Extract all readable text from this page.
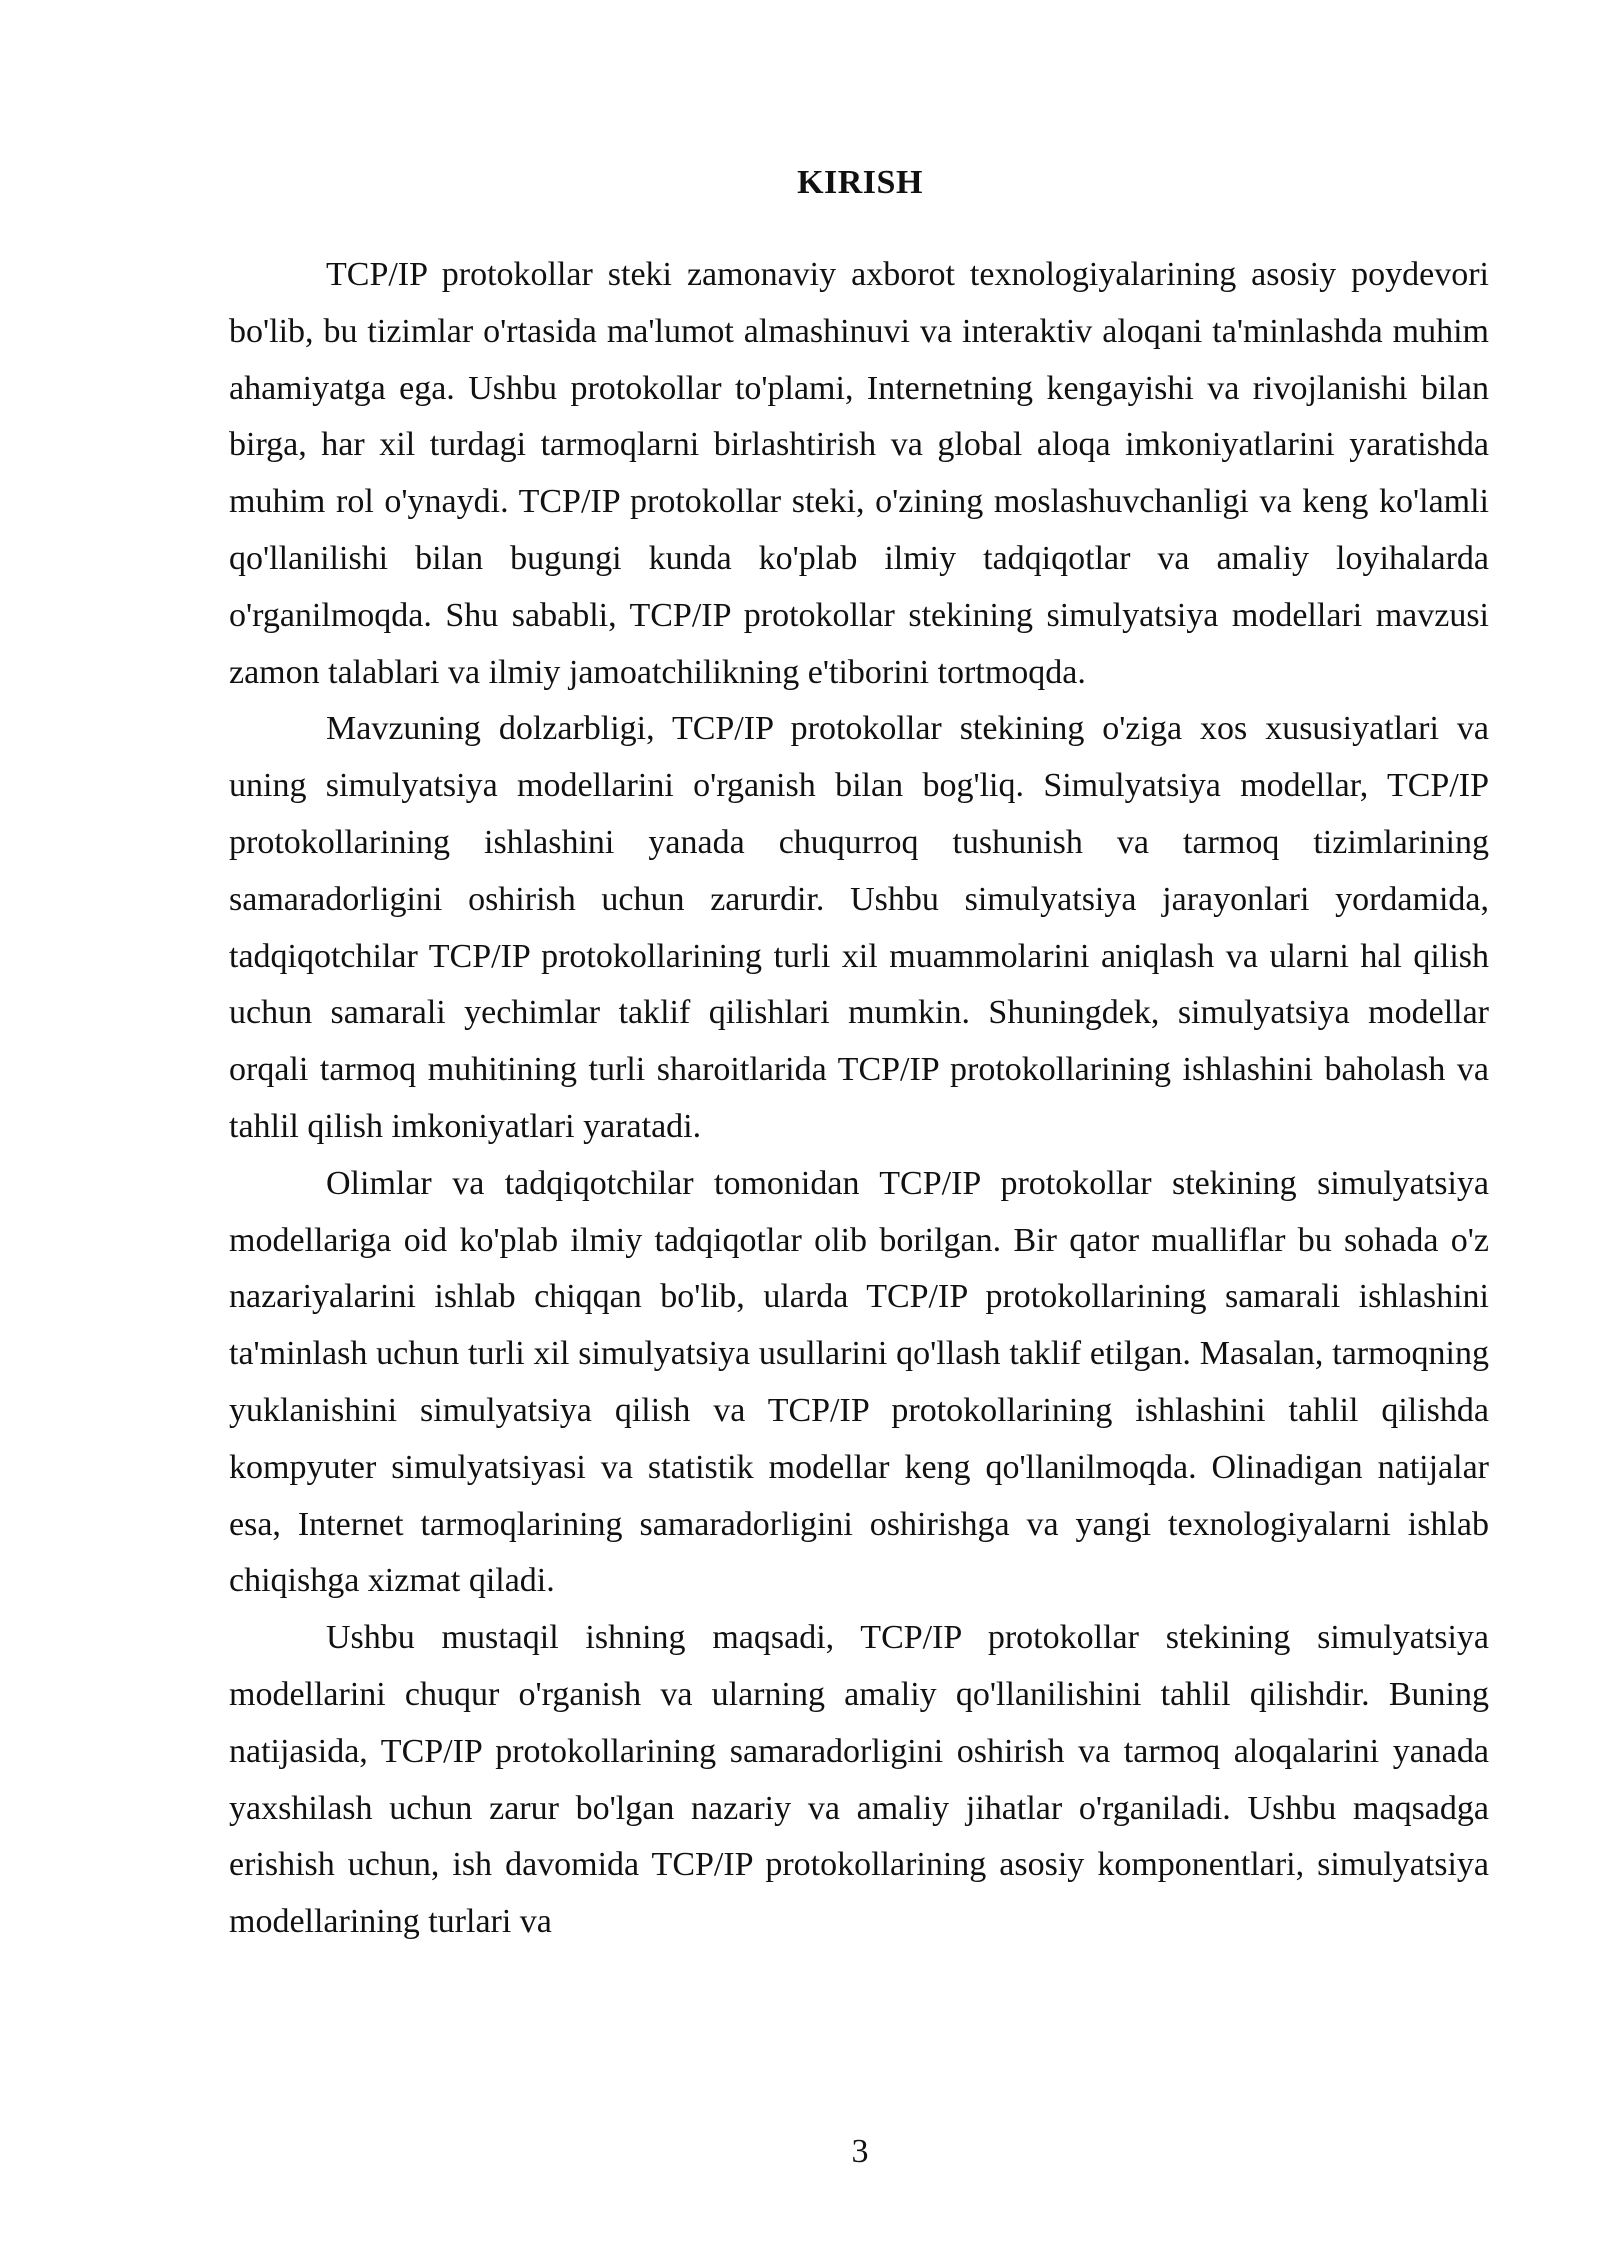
KIRISH

TCP/IP protokollar steki zamonaviy axborot texnologiyalarining asosiy poydevori bo'lib, bu tizimlar o'rtasida ma'lumot almashinuvi va interaktiv aloqani ta'minlashda muhim ahamiyatga ega. Ushbu protokollar to'plami, Internetning kengayishi va rivojlanishi bilan birga, har xil turdagi tarmoqlarni birlashtirish va global aloqa imkoniyatlarini yaratishda muhim rol o'ynaydi. TCP/IP protokollar steki, o'zining moslashuvchanligi va keng ko'lamli qo'llanilishi bilan bugungi kunda ko'plab ilmiy tadqiqotlar va amaliy loyihalarda o'rganilmoqda. Shu sababli, TCP/IP protokollar stekining simulyatsiya modellari mavzusi zamon talablari va ilmiy jamoatchilikning e'tiborini tortmoqda.

Mavzuning dolzarbligi, TCP/IP protokollar stekining o'ziga xos xususiyatlari va uning simulyatsiya modellarini o'rganish bilan bog'liq. Simulyatsiya modellar, TCP/IP protokollarining ishlashini yanada chuqurroq tushunish va tarmoq tizimlarining samaradorligini oshirish uchun zarurdir. Ushbu simulyatsiya jarayonlari yordamida, tadqiqotchilar TCP/IP protokollarining turli xil muammolarini aniqlash va ularni hal qilish uchun samarali yechimlar taklif qilishlari mumkin. Shuningdek, simulyatsiya modellar orqali tarmoq muhitining turli sharoitlarida TCP/IP protokollarining ishlashini baholash va tahlil qilish imkoniyatlari yaratadi.

Olimlar va tadqiqotchilar tomonidan TCP/IP protokollar stekining simulyatsiya modellariga oid ko'plab ilmiy tadqiqotlar olib borilgan. Bir qator mualliflar bu sohada o'z nazariyalarini ishlab chiqqan bo'lib, ularda TCP/IP protokollarining samarali ishlashini ta'minlash uchun turli xil simulyatsiya usullarini qo'llash taklif etilgan. Masalan, tarmoqning yuklanishini simulyatsiya qilish va TCP/IP protokollarining ishlashini tahlil qilishda kompyuter simulyatsiyasi va statistik modellar keng qo'llanilmoqda. Olinadigan natijalar esa, Internet tarmoqlarining samaradorligini oshirishga va yangi texnologiyalarni ishlab chiqishga xizmat qiladi.

Ushbu mustaqil ishning maqsadi, TCP/IP protokollar stekining simulyatsiya modellarini chuqur o'rganish va ularning amaliy qo'llanilishini tahlil qilishdir. Buning natijasida, TCP/IP protokollarining samaradorligini oshirish va tarmoq aloqalarini yanada yaxshilash uchun zarur bo'lgan nazariy va amaliy jihatlar o'rganiladi. Ushbu maqsadga erishish uchun, ish davomida TCP/IP protokollarining asosiy komponentlari, simulyatsiya modellarining turlari va

3
